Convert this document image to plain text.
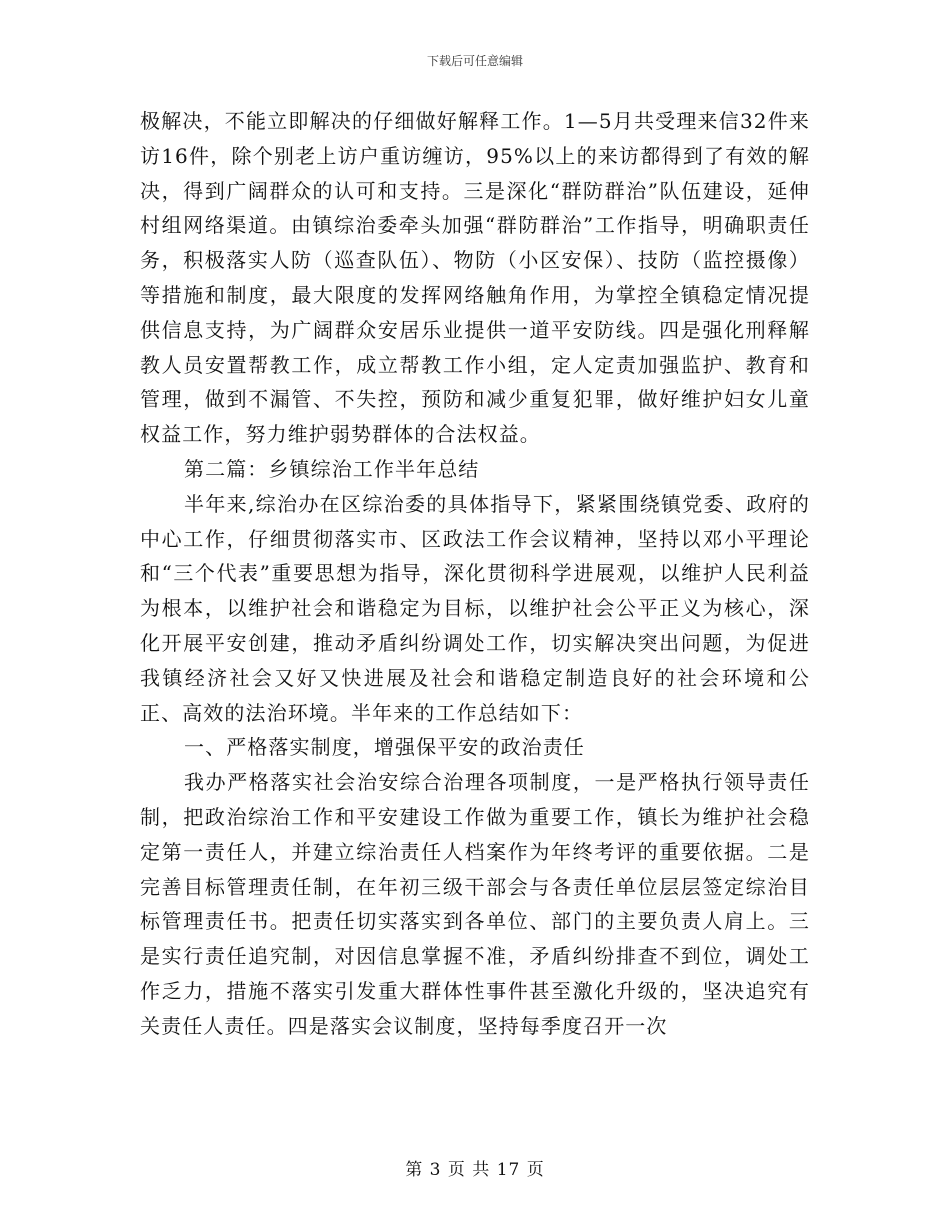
下载后可任意编辑

极解决，不能立即解决的仔细做好解释工作。1—5月共受理来信32件来访16件，除个别老上访户重访缠访，95%以上的来访都得到了有效的解决，得到广阔群众的认可和支持。三是深化“群防群治”队伍建设，延伸村组网络渠道。由镇综治委牵头加强“群防群治”工作指导，明确职责任务，积极落实人防（巡查队伍）、物防（小区安保）、技防（监控摄像）等措施和制度，最大限度的发挥网络触角作用，为掌控全镇稳定情况提供信息支持，为广阔群众安居乐业提供一道平安防线。四是强化刑释解教人员安置帮教工作，成立帮教工作小组，定人定责加强监护、教育和管理，做到不漏管、不失控，预防和减少重复犯罪，做好维护妇女儿童权益工作，努力维护弱势群体的合法权益。

第二篇：乡镇综治工作半年总结

半年来,综治办在区综治委的具体指导下，紧紧围绕镇党委、政府的中心工作，仔细贯彻落实市、区政法工作会议精神，坚持以邓小平理论和“三个代表”重要思想为指导，深化贯彻科学进展观，以维护人民利益为根本，以维护社会和谐稳定为目标，以维护社会公平正义为核心，深化开展平安创建，推动矛盾纠纷调处工作，切实解决突出问题，为促进我镇经济社会又好又快进展及社会和谐稳定制造良好的社会环境和公正、高效的法治环境。半年来的工作总结如下：

一、严格落实制度，增强保平安的政治责任

我办严格落实社会治安综合治理各项制度，一是严格执行领导责任制，把政治综治工作和平安建设工作做为重要工作，镇长为维护社会稳定第一责任人，并建立综治责任人档案作为年终考评的重要依据。二是完善目标管理责任制，在年初三级干部会与各责任单位层层签定综治目标管理责任书。把责任切实落实到各单位、部门的主要负责人肩上。三是实行责任追究制，对因信息掌握不准，矛盾纠纷排查不到位，调处工作乏力，措施不落实引发重大群体性事件甚至激化升级的，坚决追究有关责任人责任。四是落实会议制度，坚持每季度召开一次

第 3 页 共 17 页
